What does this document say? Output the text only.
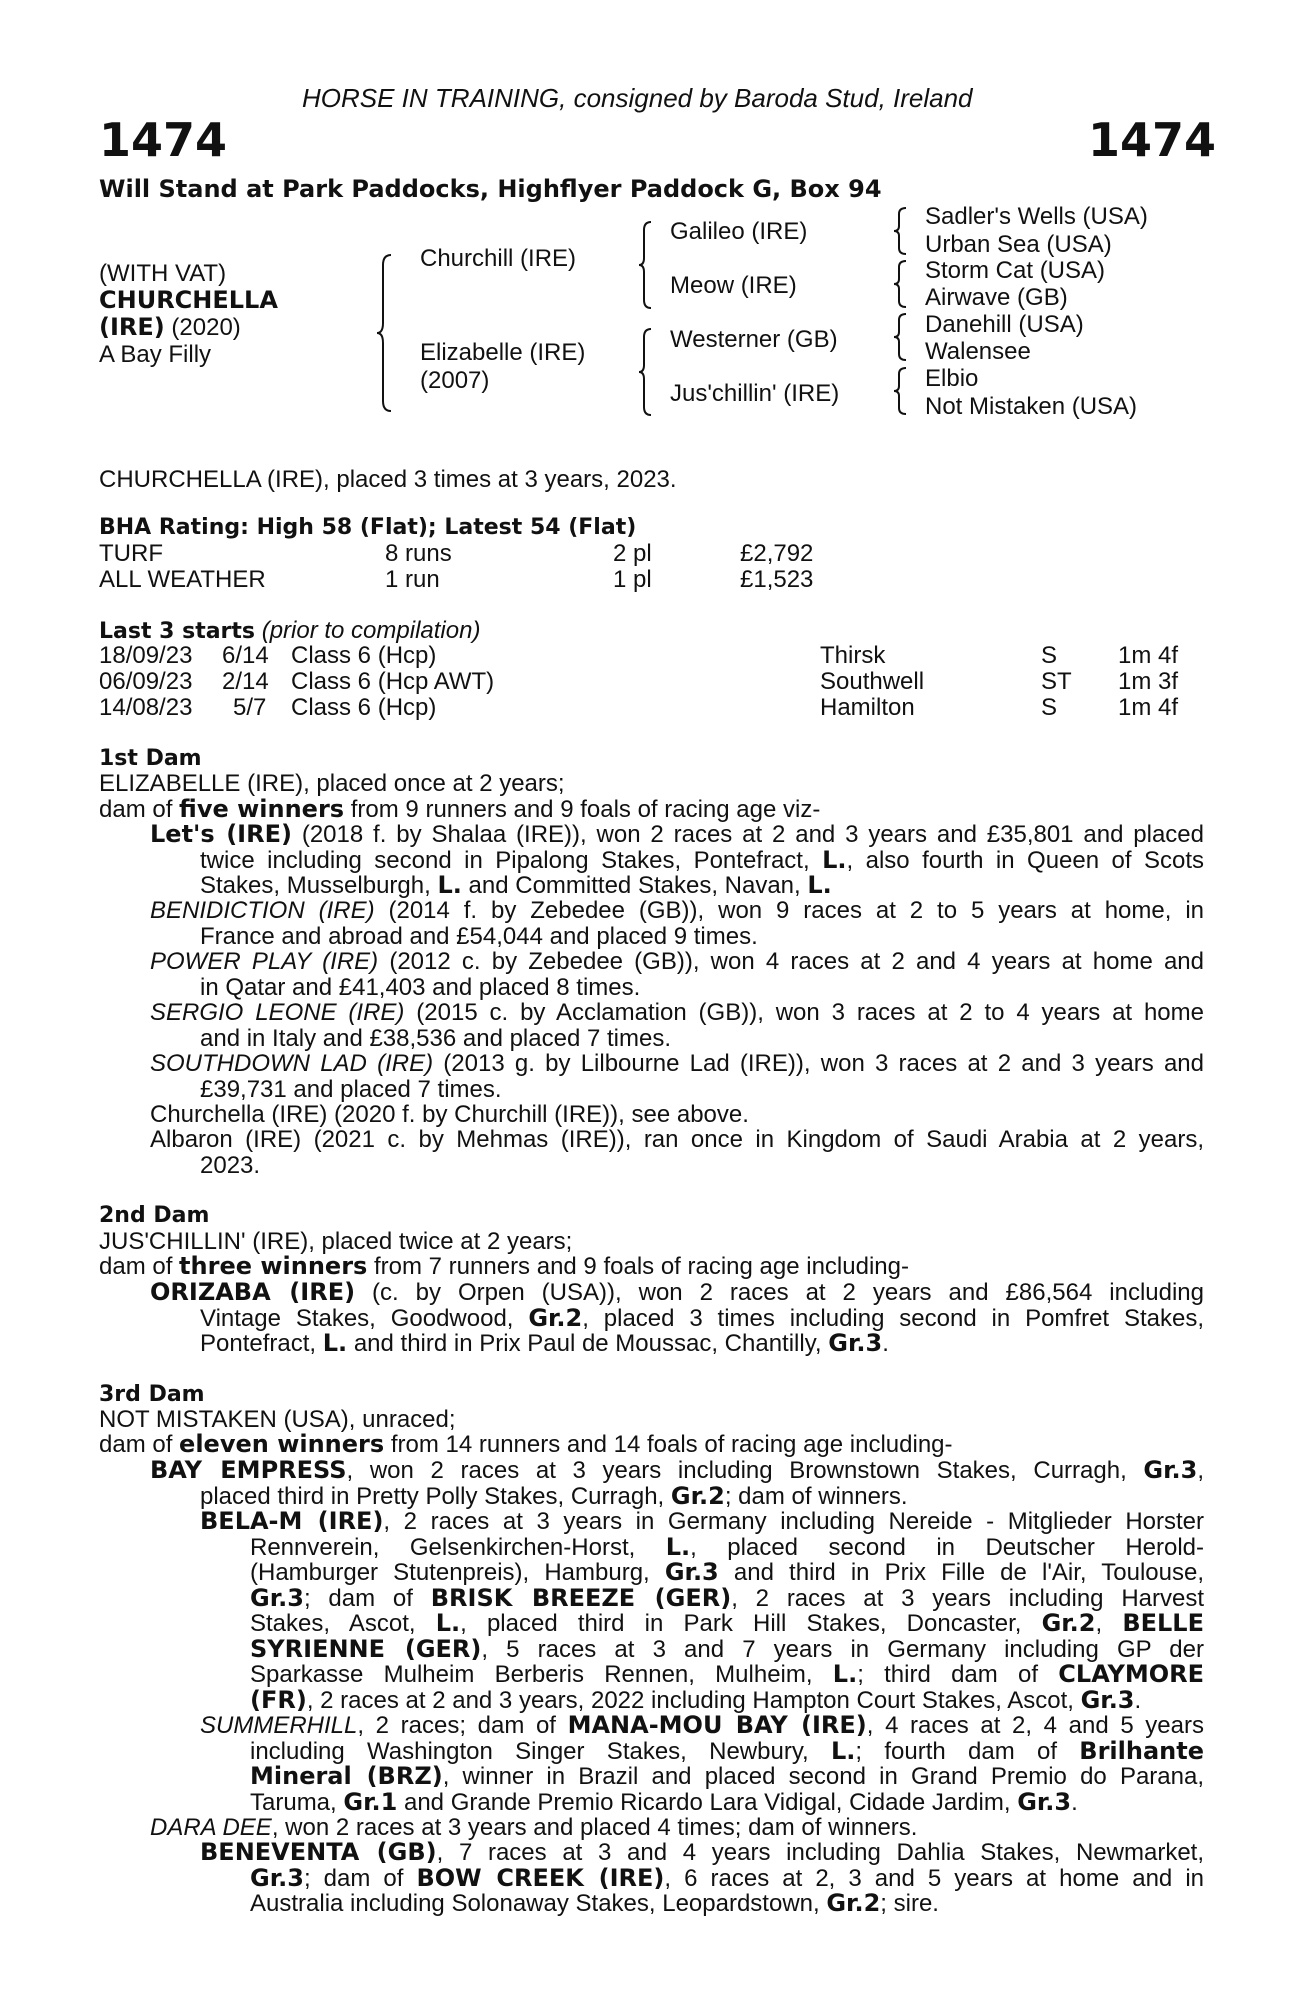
HORSE IN TRAINING, consigned by Baroda Stud, Ireland
1474	1474
Will Stand at Park Paddocks, Highflyer Paddock G, Box 94
(WITH VAT)
CHURCHELLA
(IRE) (2020)
A Bay Filly
Churchill (IRE)
Elizabelle (IRE)
(2007)
Galileo (IRE)
Meow (IRE)
Westerner (GB)
Jus'chillin' (IRE)
Sadler's Wells (USA)
Urban Sea (USA)
Storm Cat (USA)
Airwave (GB)
Danehill (USA)
Walensee
Elbio
Not Mistaken (USA)
CHURCHELLA (IRE), placed 3 times at 3 years, 2023.
BHA Rating: High 58 (Flat); Latest 54 (Flat)
TURF	8 runs	2 pl	£2,792
ALL WEATHER	1 run	1 pl	£1,523
Last 3 starts (prior to compilation)
18/09/23 6/14 Class 6 (Hcp)	Thirsk	S	1m 4f
06/09/23 2/14 Class 6 (Hcp AWT)	Southwell	ST 1m 3f
14/08/23 5/7 Class 6 (Hcp)	Hamilton	S	1m 4f
1st Dam
ELIZABELLE (IRE), placed once at 2 years;
dam of five winners from 9 runners and 9 foals of racing age viz-
Let's (IRE) (2018 f. by Shalaa (IRE)), won 2 races at 2 and 3 years and £35,801 and placed
twice including second in Pipalong Stakes, Pontefract, L., also fourth in Queen of Scots
Stakes, Musselburgh, L. and Committed Stakes, Navan, L.
BENIDICTION (IRE) (2014 f. by Zebedee (GB)), won 9 races at 2 to 5 years at home, in
France and abroad and £54,044 and placed 9 times.
POWER PLAY (IRE) (2012 c. by Zebedee (GB)), won 4 races at 2 and 4 years at home and
in Qatar and £41,403 and placed 8 times.
SERGIO LEONE (IRE) (2015 c. by Acclamation (GB)), won 3 races at 2 to 4 years at home
and in Italy and £38,536 and placed 7 times.
SOUTHDOWN LAD (IRE) (2013 g. by Lilbourne Lad (IRE)), won 3 races at 2 and 3 years and
£39,731 and placed 7 times.
Churchella (IRE) (2020 f. by Churchill (IRE)), see above.
Albaron (IRE) (2021 c. by Mehmas (IRE)), ran once in Kingdom of Saudi Arabia at 2 years,
2023.
2nd Dam
JUS'CHILLIN' (IRE), placed twice at 2 years;
dam of three winners from 7 runners and 9 foals of racing age including-
ORIZABA (IRE) (c. by Orpen (USA)), won 2 races at 2 years and £86,564 including
Vintage Stakes, Goodwood, Gr.2, placed 3 times including second in Pomfret Stakes,
Pontefract, L. and third in Prix Paul de Moussac, Chantilly, Gr.3.
3rd Dam
NOT MISTAKEN (USA), unraced;
dam of eleven winners from 14 runners and 14 foals of racing age including-
BAY EMPRESS, won 2 races at 3 years including Brownstown Stakes, Curragh, Gr.3,
placed third in Pretty Polly Stakes, Curragh, Gr.2; dam of winners.
BELA-M (IRE), 2 races at 3 years in Germany including Nereide - Mitglieder Horster
Rennverein, Gelsenkirchen-Horst, L., placed second in Deutscher Herold-
(Hamburger Stutenpreis), Hamburg, Gr.3 and third in Prix Fille de l'Air, Toulouse,
Gr.3; dam of BRISK BREEZE (GER), 2 races at 3 years including Harvest
Stakes, Ascot, L., placed third in Park Hill Stakes, Doncaster, Gr.2, BELLE
SYRIENNE (GER), 5 races at 3 and 7 years in Germany including GP der
Sparkasse Mulheim Berberis Rennen, Mulheim, L.; third dam of CLAYMORE
(FR), 2 races at 2 and 3 years, 2022 including Hampton Court Stakes, Ascot, Gr.3.
SUMMERHILL, 2 races; dam of MANA-MOU BAY (IRE), 4 races at 2, 4 and 5 years
including Washington Singer Stakes, Newbury, L.; fourth dam of Brilhante
Mineral (BRZ), winner in Brazil and placed second in Grand Premio do Parana,
Taruma, Gr.1 and Grande Premio Ricardo Lara Vidigal, Cidade Jardim, Gr.3.
DARA DEE, won 2 races at 3 years and placed 4 times; dam of winners.
BENEVENTA (GB), 7 races at 3 and 4 years including Dahlia Stakes, Newmarket,
Gr.3; dam of BOW CREEK (IRE), 6 races at 2, 3 and 5 years at home and in
Australia including Solonaway Stakes, Leopardstown, Gr.2; sire.
